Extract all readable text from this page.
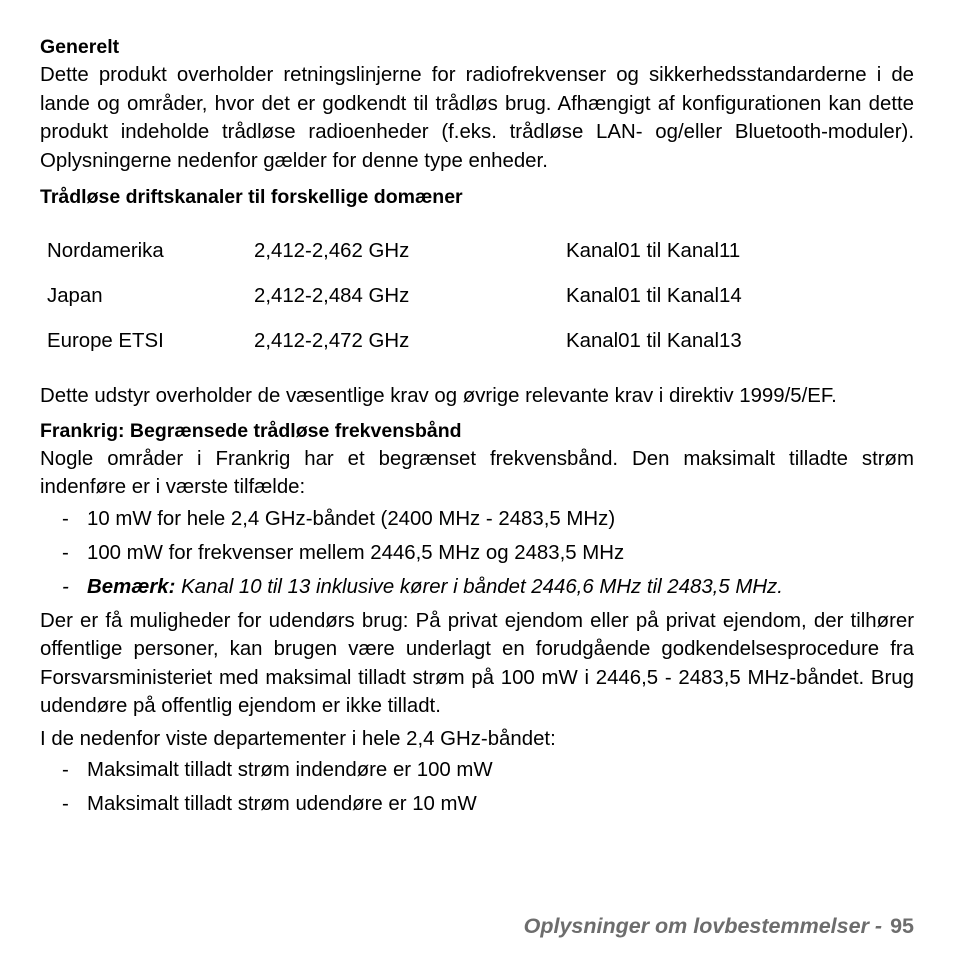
Generelt

Dette produkt overholder retningslinjerne for radiofrekvenser og sikkerhedsstandarderne i de lande og områder, hvor det er godkendt til trådløs brug. Afhængigt af konfigurationen kan dette produkt indeholde trådløse radioenheder (f.eks. trådløse LAN- og/eller Bluetooth-moduler). Oplysningerne nedenfor gælder for denne type enheder.

Trådløse driftskanaler til forskellige domæner
Nordamerika	2,412-2,462 GHz	Kanal01 til Kanal11
Japan	2,412-2,484 GHz	Kanal01 til Kanal14
Europe ETSI	2,412-2,472 GHz	Kanal01 til Kanal13

Dette udstyr overholder de væsentlige krav og øvrige relevante krav i direktiv 1999/5/EF.

Frankrig: Begrænsede trådløse frekvensbånd

Nogle områder i Frankrig har et begrænset frekvensbånd. Den maksimalt tilladte strøm indenføre er i værste tilfælde:

- 10 mW for hele 2,4 GHz-båndet (2400 MHz - 2483,5 MHz)
- 100 mW for frekvenser mellem 2446,5 MHz og 2483,5 MHz
- Bemærk: Kanal 10 til 13 inklusive kører i båndet 2446,6 MHz til 2483,5 MHz.

Der er få muligheder for udendørs brug: På privat ejendom eller på privat ejendom, der tilhører offentlige personer, kan brugen være underlagt en forudgående godkendelsesprocedure fra Forsvarsministeriet med maksimal tilladt strøm på 100 mW i 2446,5 - 2483,5 MHz-båndet. Brug udendøre på offentlig ejendom er ikke tilladt.

I de nedenfor viste departementer i hele 2,4 GHz-båndet:

- Maksimalt tilladt strøm indendøre er 100 mW
- Maksimalt tilladt strøm udendøre er 10 mW
Oplysninger om lovbestemmelser - 95
